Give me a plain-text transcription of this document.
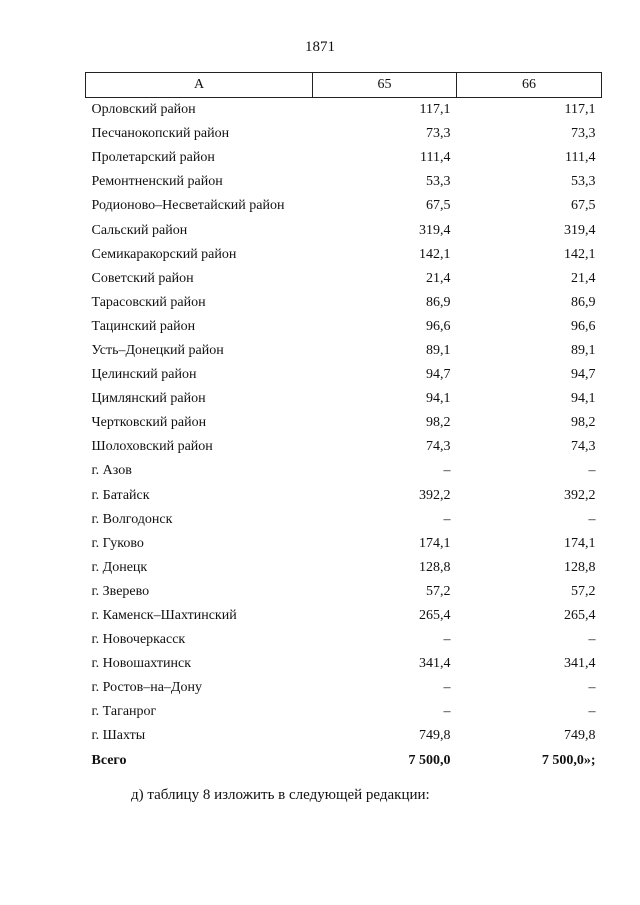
1871
А	65	66
Орловский район	117,1	117,1
Песчанокопский район	73,3	73,3
Пролетарский район	111,4	111,4
Ремонтненский район	53,3	53,3
Родионово–Несветайский район	67,5	67,5
Сальский район	319,4	319,4
Семикаракорский район	142,1	142,1
Советский район	21,4	21,4
Тарасовский район	86,9	86,9
Тацинский район	96,6	96,6
Усть–Донецкий район	89,1	89,1
Целинский район	94,7	94,7
Цимлянский район	94,1	94,1
Чертковский район	98,2	98,2
Шолоховский район	74,3	74,3
г. Азов	–	–
г. Батайск	392,2	392,2
г. Волгодонск	–	–
г. Гуково	174,1	174,1
г. Донецк	128,8	128,8
г. Зверево	57,2	57,2
г. Каменск–Шахтинский	265,4	265,4
г. Новочеркасск	–	–
г. Новошахтинск	341,4	341,4
г. Ростов–на–Дону	–	–
г. Таганрог	–	–
г. Шахты	749,8	749,8
Всего	7 500,0	7 500,0»;
д) таблицу 8 изложить в следующей редакции:
